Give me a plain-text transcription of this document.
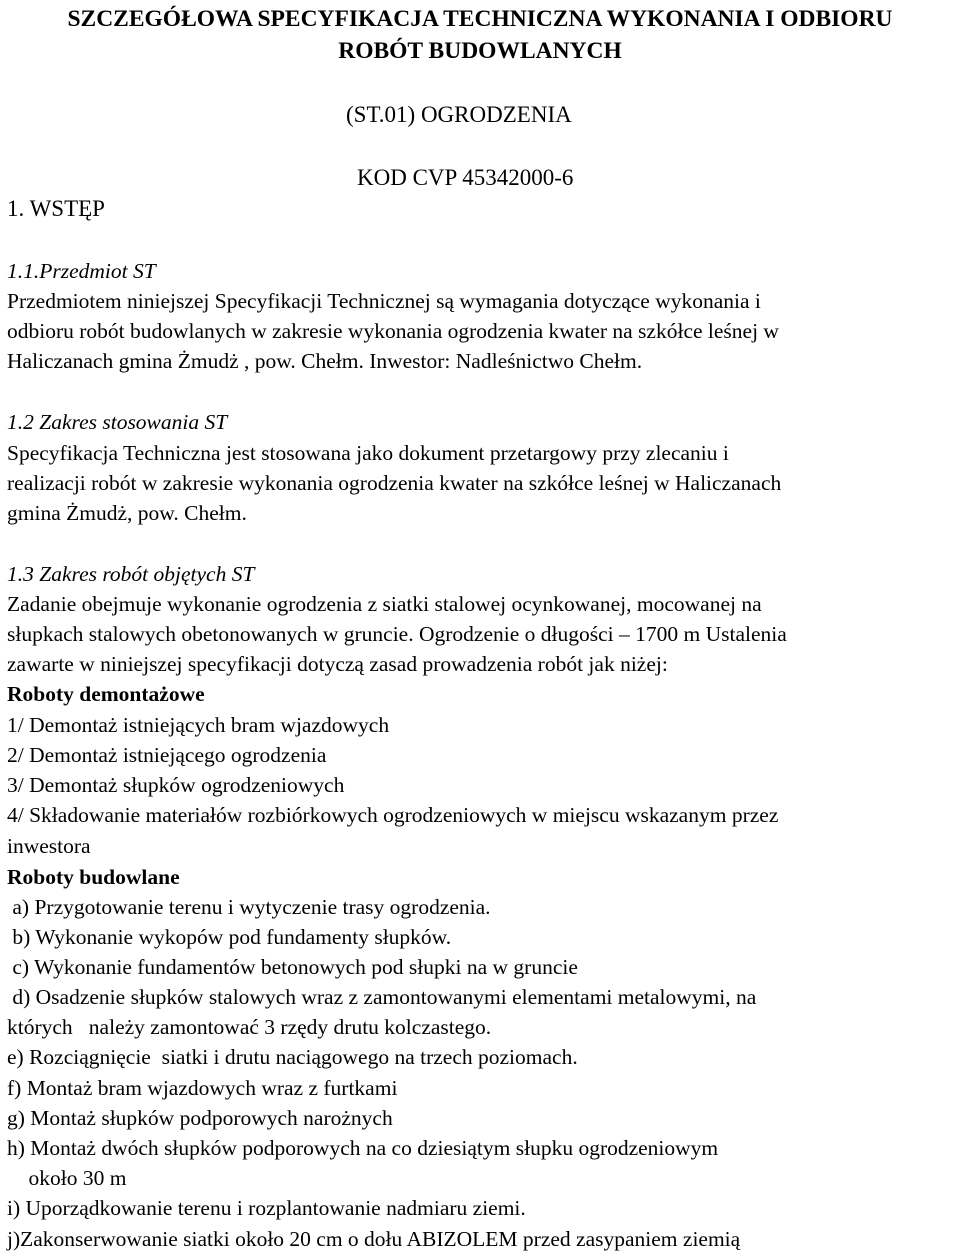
SZCZEGÓŁOWA SPECYFIKACJA TECHNICZNA WYKONANIA I ODBIORU
ROBÓT BUDOWLANYCH
(ST.01) OGRODZENIA
KOD CVP 45342000-6
1. WSTĘP
1.1.Przedmiot ST
Przedmiotem niniejszej Specyfikacji Technicznej są wymagania dotyczące wykonania i
odbioru robót budowlanych w zakresie wykonania ogrodzenia kwater na szkółce leśnej w
Haliczanach gmina Żmudż , pow. Chełm. Inwestor: Nadleśnictwo Chełm.
1.2 Zakres stosowania ST
Specyfikacja Techniczna jest stosowana jako dokument przetargowy przy zlecaniu i
realizacji robót w zakresie wykonania ogrodzenia kwater na szkółce leśnej w Haliczanach
gmina Żmudż, pow. Chełm.
1.3 Zakres robót objętych ST
Zadanie obejmuje wykonanie ogrodzenia z siatki stalowej ocynkowanej, mocowanej na
słupkach stalowych obetonowanych w gruncie. Ogrodzenie o długości – 1700 m Ustalenia
zawarte w niniejszej specyfikacji dotyczą zasad prowadzenia robót jak niżej:
Roboty demontażowe
1/ Demontaż istniejących bram wjazdowych
2/ Demontaż istniejącego ogrodzenia
3/ Demontaż słupków ogrodzeniowych
4/ Składowanie materiałów rozbiórkowych ogrodzeniowych w miejscu wskazanym przez
inwestora
Roboty budowlane
a) Przygotowanie terenu i wytyczenie trasy ogrodzenia.
b) Wykonanie wykopów pod fundamenty słupków.
c) Wykonanie fundamentów betonowych pod słupki na w gruncie
d) Osadzenie słupków stalowych wraz z zamontowanymi elementami metalowymi, na
których   należy zamontować 3 rzędy drutu kolczastego.
e) Rozciągnięcie  siatki i drutu naciągowego na trzech poziomach.
f) Montaż bram wjazdowych wraz z furtkami
g) Montaż słupków podporowych narożnych
h) Montaż dwóch słupków podporowych na co dziesiątym słupku ogrodzeniowym
około 30 m
i) Uporządkowanie terenu i rozplantowanie nadmiaru ziemi.
j)Zakonserwowanie siatki około 20 cm o dołu ABIZOLEM przed zasypaniem ziemią
